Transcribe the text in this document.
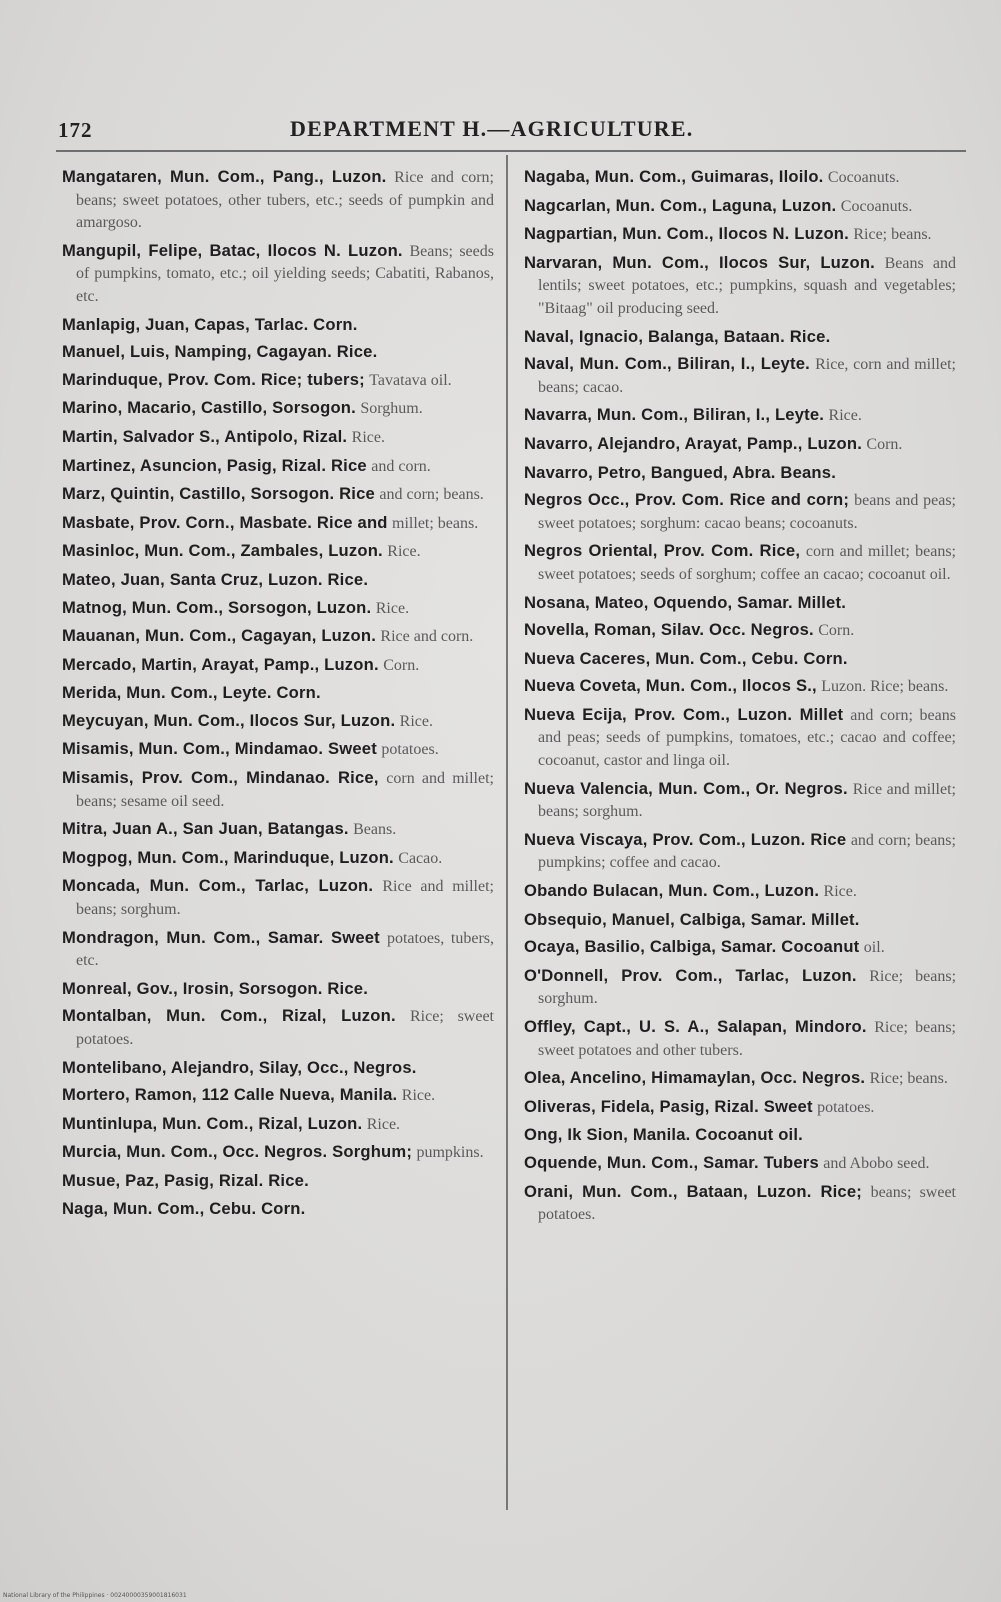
172	DEPARTMENT H.—AGRICULTURE.
Mangataren, Mun. Com., Pang., Luzon. Rice and corn; beans; sweet potatoes, other tubers, etc.; seeds of pumpkin and amargoso.
Mangupil, Felipe, Batac, Ilocos N. Luzon. Beans; seeds of pumpkins, tomato, etc.; oil yielding seeds; Cabatiti, Rabanos, etc.
Manlapig, Juan, Capas, Tarlac. Corn.
Manuel, Luis, Namping, Cagayan. Rice.
Marinduque, Prov. Com. Rice; tubers; Tavatava oil.
Marino, Macario, Castillo, Sorsogon. Sorghum.
Martin, Salvador S., Antipolo, Rizal. Rice.
Martinez, Asuncion, Pasig, Rizal. Rice and corn.
Marz, Quintin, Castillo, Sorsogon. Rice and corn; beans.
Masbate, Prov. Corn., Masbate. Rice and millet; beans.
Masinloc, Mun. Com., Zambales, Luzon. Rice.
Mateo, Juan, Santa Cruz, Luzon. Rice.
Matnog, Mun. Com., Sorsogon, Luzon. Rice.
Mauanan, Mun. Com., Cagayan, Luzon. Rice and corn.
Mercado, Martin, Arayat, Pamp., Luzon. Corn.
Merida, Mun. Com., Leyte. Corn.
Meycuyan, Mun. Com., Ilocos Sur, Luzon. Rice.
Misamis, Mun. Com., Mindamao. Sweet potatoes.
Misamis, Prov. Com., Mindanao. Rice, corn and millet; beans; sesame oil seed.
Mitra, Juan A., San Juan, Batangas. Beans.
Mogpog, Mun. Com., Marinduque, Luzon. Cacao.
Moncada, Mun. Com., Tarlac, Luzon. Rice and millet; beans; sorghum.
Mondragon, Mun. Com., Samar. Sweet potatoes, tubers, etc.
Monreal, Gov., Irosin, Sorsogon. Rice.
Montalban, Mun. Com., Rizal, Luzon. Rice; sweet potatoes.
Montelibano, Alejandro, Silay, Occ., Negros.
Mortero, Ramon, 112 Calle Nueva, Manila. Rice.
Muntinlupa, Mun. Com., Rizal, Luzon. Rice.
Murcia, Mun. Com., Occ. Negros. Sorghum; pumpkins.
Musue, Paz, Pasig, Rizal. Rice.
Naga, Mun. Com., Cebu. Corn.
Nagaba, Mun. Com., Guimaras, Iloilo. Cocoanuts.
Nagcarlan, Mun. Com., Laguna, Luzon. Cocoanuts.
Nagpartian, Mun. Com., Ilocos N. Luzon. Rice; beans.
Narvaran, Mun. Com., Ilocos Sur, Luzon. Beans and lentils; sweet potatoes, etc.; pumpkins, squash and vegetables; "Bitaag" oil producing seed.
Naval, Ignacio, Balanga, Bataan. Rice.
Naval, Mun. Com., Biliran, I., Leyte. Rice, corn and millet; beans; cacao.
Navarra, Mun. Com., Biliran, I., Leyte. Rice.
Navarro, Alejandro, Arayat, Pamp., Luzon. Corn.
Navarro, Petro, Bangued, Abra. Beans.
Negros Occ., Prov. Com. Rice and corn; beans and peas; sweet potatoes; sorghum: cacao beans; cocoanuts.
Negros Oriental, Prov. Com. Rice, corn and millet; beans; sweet potatoes; seeds of sorghum; coffee an cacao; cocoanut oil.
Nosana, Mateo, Oquendo, Samar. Millet.
Novella, Roman, Silav. Occ. Negros. Corn.
Nueva Caceres, Mun. Com., Cebu. Corn.
Nueva Coveta, Mun. Com., Ilocos S., Luzon. Rice; beans.
Nueva Ecija, Prov. Com., Luzon. Millet and corn; beans and peas; seeds of pumpkins, tomatoes, etc.; cacao and coffee; cocoanut, castor and linga oil.
Nueva Valencia, Mun. Com., Or. Negros. Rice and millet; beans; sorghum.
Nueva Viscaya, Prov. Com., Luzon. Rice and corn; beans; pumpkins; coffee and cacao.
Obando Bulacan, Mun. Com., Luzon. Rice.
Obsequio, Manuel, Calbiga, Samar. Millet.
Ocaya, Basilio, Calbiga, Samar. Cocoanut oil.
O'Donnell, Prov. Com., Tarlac, Luzon. Rice; beans; sorghum.
Offley, Capt., U. S. A., Salapan, Mindoro. Rice; beans; sweet potatoes and other tubers.
Olea, Ancelino, Himamaylan, Occ. Negros. Rice; beans.
Oliveras, Fidela, Pasig, Rizal. Sweet potatoes.
Ong, Ik Sion, Manila. Cocoanut oil.
Oquende, Mun. Com., Samar. Tubers and Abobo seed.
Orani, Mun. Com., Bataan, Luzon. Rice; beans; sweet potatoes.
National Library of the Philippines · 00240000359001816031
